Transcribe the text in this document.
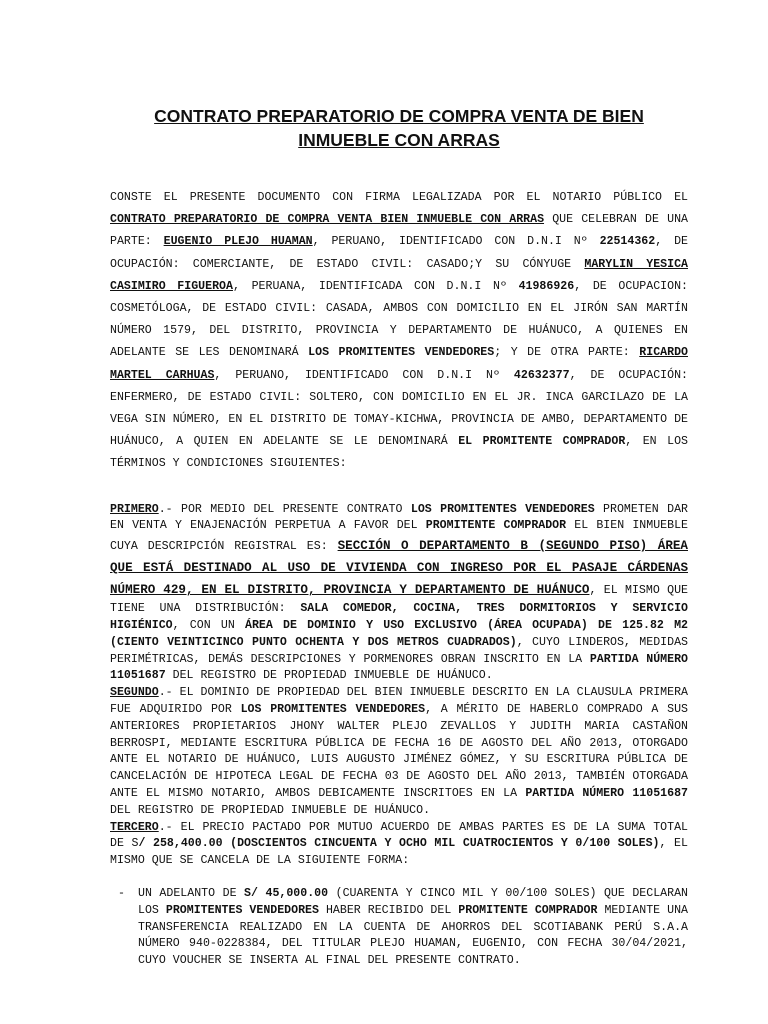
CONTRATO PREPARATORIO DE COMPRA VENTA DE BIEN INMUEBLE CON ARRAS

CONSTE EL PRESENTE DOCUMENTO CON FIRMA LEGALIZADA POR EL NOTARIO PÚBLICO EL CONTRATO PREPARATORIO DE COMPRA VENTA BIEN INMUEBLE CON ARRAS QUE CELEBRAN DE UNA PARTE: EUGENIO PLEJO HUAMAN, PERUANO, IDENTIFICADO CON D.N.I Nº 22514362, DE OCUPACIÓN: COMERCIANTE, DE ESTADO CIVIL: CASADO;Y SU CÓNYUGE MARYLIN YESICA CASIMIRO FIGUEROA, PERUANA, IDENTIFICADA CON D.N.I Nº 41986926, DE OCUPACION: COSMETÓLOGA, DE ESTADO CIVIL: CASADA, AMBOS CON DOMICILIO EN EL JIRÓN SAN MARTÍN NÚMERO 1579, DEL DISTRITO, PROVINCIA Y DEPARTAMENTO DE HUÁNUCO, A QUIENES EN ADELANTE SE LES DENOMINARÁ LOS PROMITENTES VENDEDORES; Y DE OTRA PARTE: RICARDO MARTEL CARHUAS, PERUANO, IDENTIFICADO CON D.N.I Nº 42632377, DE OCUPACIÓN: ENFERMERO, DE ESTADO CIVIL: SOLTERO, CON DOMICILIO EN EL JR. INCA GARCILAZO DE LA VEGA SIN NÚMERO, EN EL DISTRITO DE TOMAY-KICHWA, PROVINCIA DE AMBO, DEPARTAMENTO DE HUÁNUCO, A QUIEN EN ADELANTE SE LE DENOMINARÁ EL PROMITENTE COMPRADOR, EN LOS TÉRMINOS Y CONDICIONES SIGUIENTES:

PRIMERO.- POR MEDIO DEL PRESENTE CONTRATO LOS PROMITENTES VENDEDORES PROMETEN DAR EN VENTA Y ENAJENACIÓN PERPETUA A FAVOR DEL PROMITENTE COMPRADOR EL BIEN INMUEBLE CUYA DESCRIPCIÓN REGISTRAL ES: SECCIÓN O DEPARTAMENTO B (SEGUNDO PISO) ÁREA QUE ESTÁ DESTINADO AL USO DE VIVIENDA CON INGRESO POR EL PASAJE CÁRDENAS NÚMERO 429, EN EL DISTRITO, PROVINCIA Y DEPARTAMENTO DE HUÁNUCO, EL MISMO QUE TIENE UNA DISTRIBUCIÓN: SALA COMEDOR, COCINA, TRES DORMITORIOS Y SERVICIO HIGIÉNICO, CON UN ÁREA DE DOMINIO Y USO EXCLUSIVO (ÁREA OCUPADA) DE 125.82 M2 (CIENTO VEINTICINCO PUNTO OCHENTA Y DOS METROS CUADRADOS), CUYO LINDEROS, MEDIDAS PERIMÉTRICAS, DEMÁS DESCRIPCIONES Y PORMENORES OBRAN INSCRITO EN LA PARTIDA NÚMERO 11051687 DEL REGISTRO DE PROPIEDAD INMUEBLE DE HUÁNUCO.

SEGUNDO.- EL DOMINIO DE PROPIEDAD DEL BIEN INMUEBLE DESCRITO EN LA CLAUSULA PRIMERA FUE ADQUIRIDO POR LOS PROMITENTES VENDEDORES, A MÉRITO DE HABERLO COMPRADO A SUS ANTERIORES PROPIETARIOS JHONY WALTER PLEJO ZEVALLOS Y JUDITH MARIA CASTAÑON BERROSPI, MEDIANTE ESCRITURA PÚBLICA DE FECHA 16 DE AGOSTO DEL AÑO 2013, OTORGADO ANTE EL NOTARIO DE HUÁNUCO, LUIS AUGUSTO JIMÉNEZ GÓMEZ, Y SU ESCRITURA PÚBLICA DE CANCELACIÓN DE HIPOTECA LEGAL DE FECHA 03 DE AGOSTO DEL AÑO 2013, TAMBIÉN OTORGADA ANTE EL MISMO NOTARIO, AMBOS DEBICAMENTE INSCRITOES EN LA PARTIDA NÚMERO 11051687 DEL REGISTRO DE PROPIEDAD INMUEBLE DE HUÁNUCO.

TERCERO.- EL PRECIO PACTADO POR MUTUO ACUERDO DE AMBAS PARTES ES DE LA SUMA TOTAL DE S/ 258,400.00 (DOSCIENTOS CINCUENTA Y OCHO MIL CUATROCIENTOS Y 0/100 SOLES), EL MISMO QUE SE CANCELA DE LA SIGUIENTE FORMA:

- UN ADELANTO DE S/ 45,000.00 (CUARENTA Y CINCO MIL Y 00/100 SOLES) QUE DECLARAN LOS PROMITENTES VENDEDORES HABER RECIBIDO DEL PROMITENTE COMPRADOR MEDIANTE UNA TRANSFERENCIA REALIZADO EN LA CUENTA DE AHORROS DEL SCOTIABANK PERÚ S.A.A NÚMERO 940-0228384, DEL TITULAR PLEJO HUAMAN, EUGENIO, CON FECHA 30/04/2021, CUYO VOUCHER SE INSERTA AL FINAL DEL PRESENTE CONTRATO.
